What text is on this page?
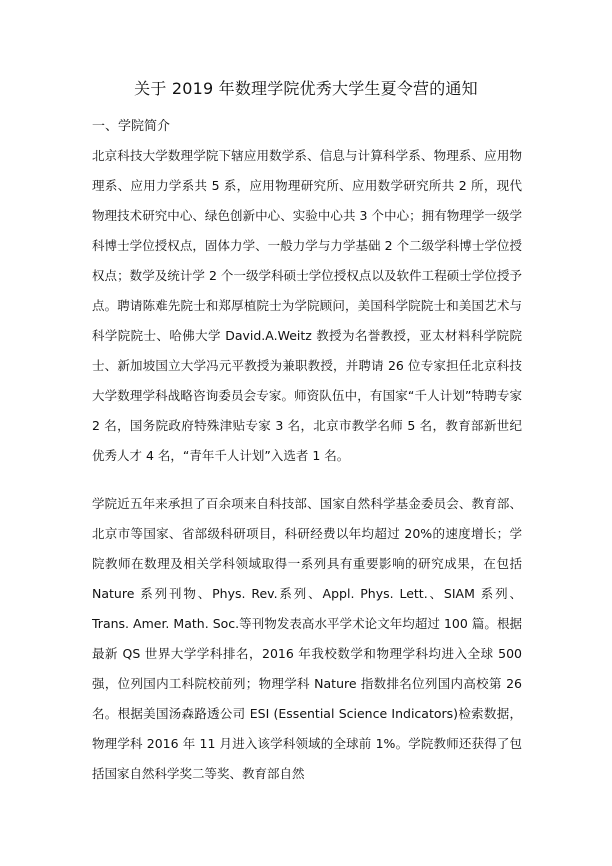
关于 2019 年数理学院优秀大学生夏令营的通知
一、学院简介

北京科技大学数理学院下辖应用数学系、信息与计算科学系、物理系、应用物理系、应用力学系共 5 系，应用物理研究所、应用数学研究所共 2 所，现代物理技术研究中心、绿色创新中心、实验中心共 3 个中心；拥有物理学一级学科博士学位授权点，固体力学、一般力学与力学基础 2 个二级学科博士学位授权点；数学及统计学 2 个一级学科硕士学位授权点以及软件工程硕士学位授予点。聘请陈难先院士和郑厚植院士为学院顾问，美国科学院院士和美国艺术与科学院院士、哈佛大学 David.A.Weitz 教授为名誉教授，亚太材料科学院院士、新加坡国立大学冯元平教授为兼职教授，并聘请 26 位专家担任北京科技大学数理学科战略咨询委员会专家。师资队伍中，有国家“千人计划”特聘专家 2 名，国务院政府特殊津贴专家 3 名，北京市教学名师 5 名，教育部新世纪优秀人才 4 名，“青年千人计划”入选者 1 名。

学院近五年来承担了百余项来自科技部、国家自然科学基金委员会、教育部、北京市等国家、省部级科研项目，科研经费以年均超过 20%的速度增长；学院教师在数理及相关学科领域取得一系列具有重要影响的研究成果，在包括 Nature 系列刊物、Phys. Rev.系列、Appl. Phys. Lett.、SIAM 系列、Trans. Amer. Math. Soc.等刊物发表高水平学术论文年均超过 100 篇。根据最新 QS 世界大学学科排名，2016 年我校数学和物理学科均进入全球 500 强，位列国内工科院校前列；物理学科 Nature 指数排名位列国内高校第 26 名。根据美国汤森路透公司 ESI (Essential Science Indicators)检索数据，物理学科 2016 年 11 月进入该学科领域的全球前 1%。学院教师还获得了包括国家自然科学奖二等奖、教育部自然
